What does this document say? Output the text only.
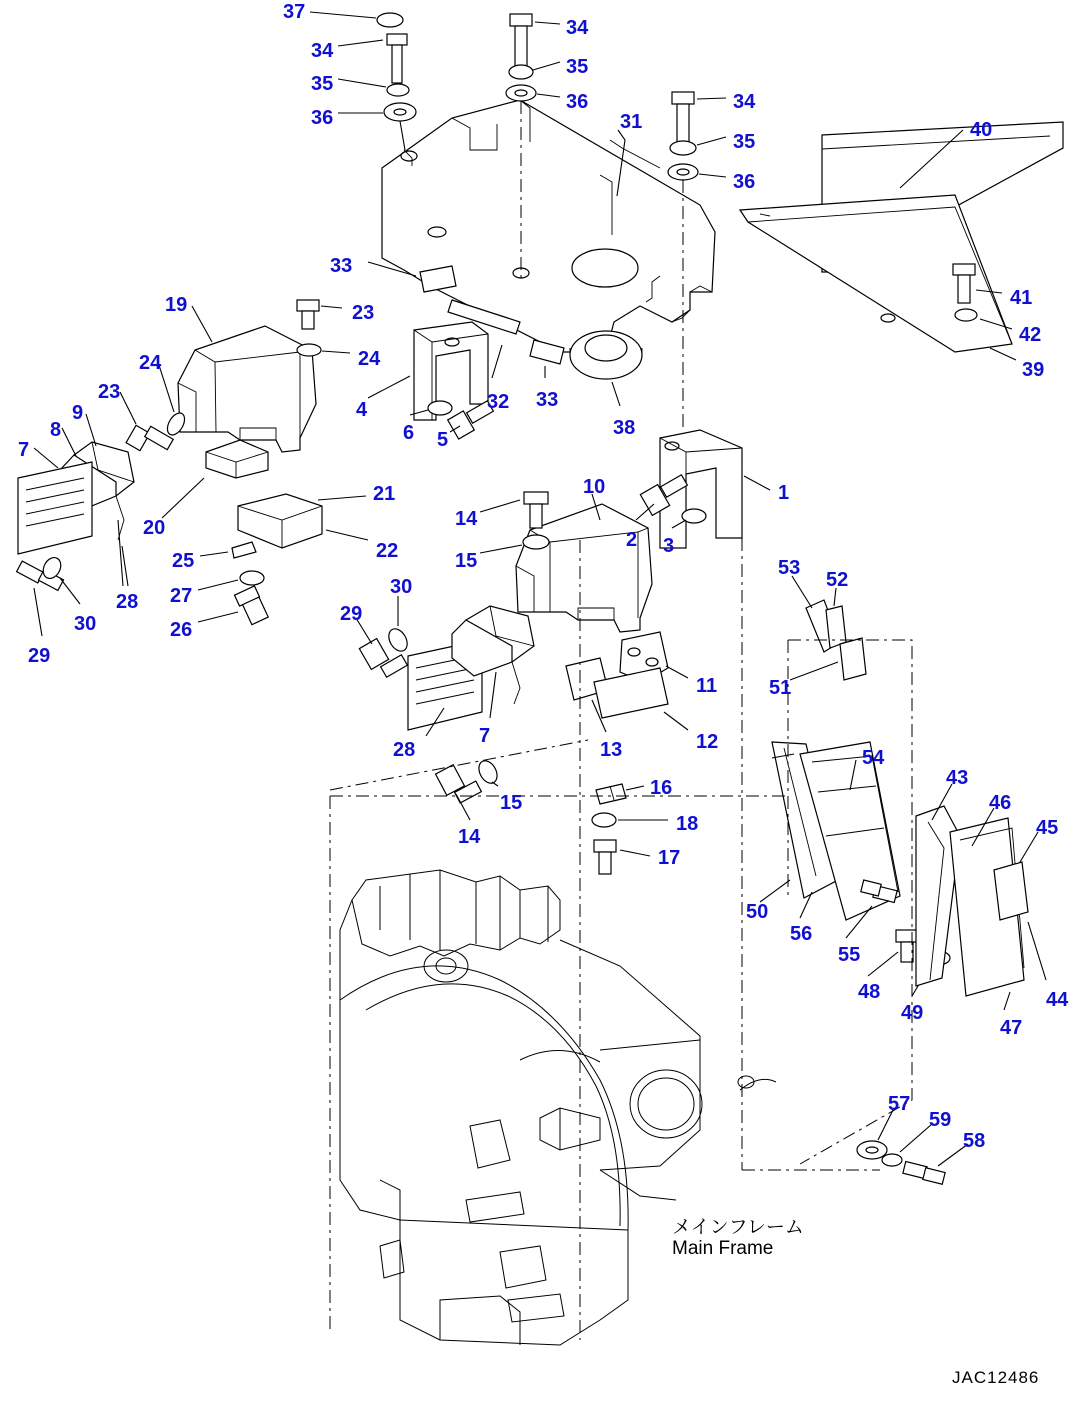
37
34
34
35
35
36
31
34
36
40
35
36
33
41
19	23
42
24	24	39
23	32 33
38
9
8
4
6 5
7
1
10
14
21
2 3
20
15
22
25	53
52
27
28
30	26
29
30
29
51
11
12
13
28
7
54
43
46
45
16
15
18
17
14
50
56
55
48
49
44
47
57
59
58
メインフレーム
Main Frame
JAC12486
